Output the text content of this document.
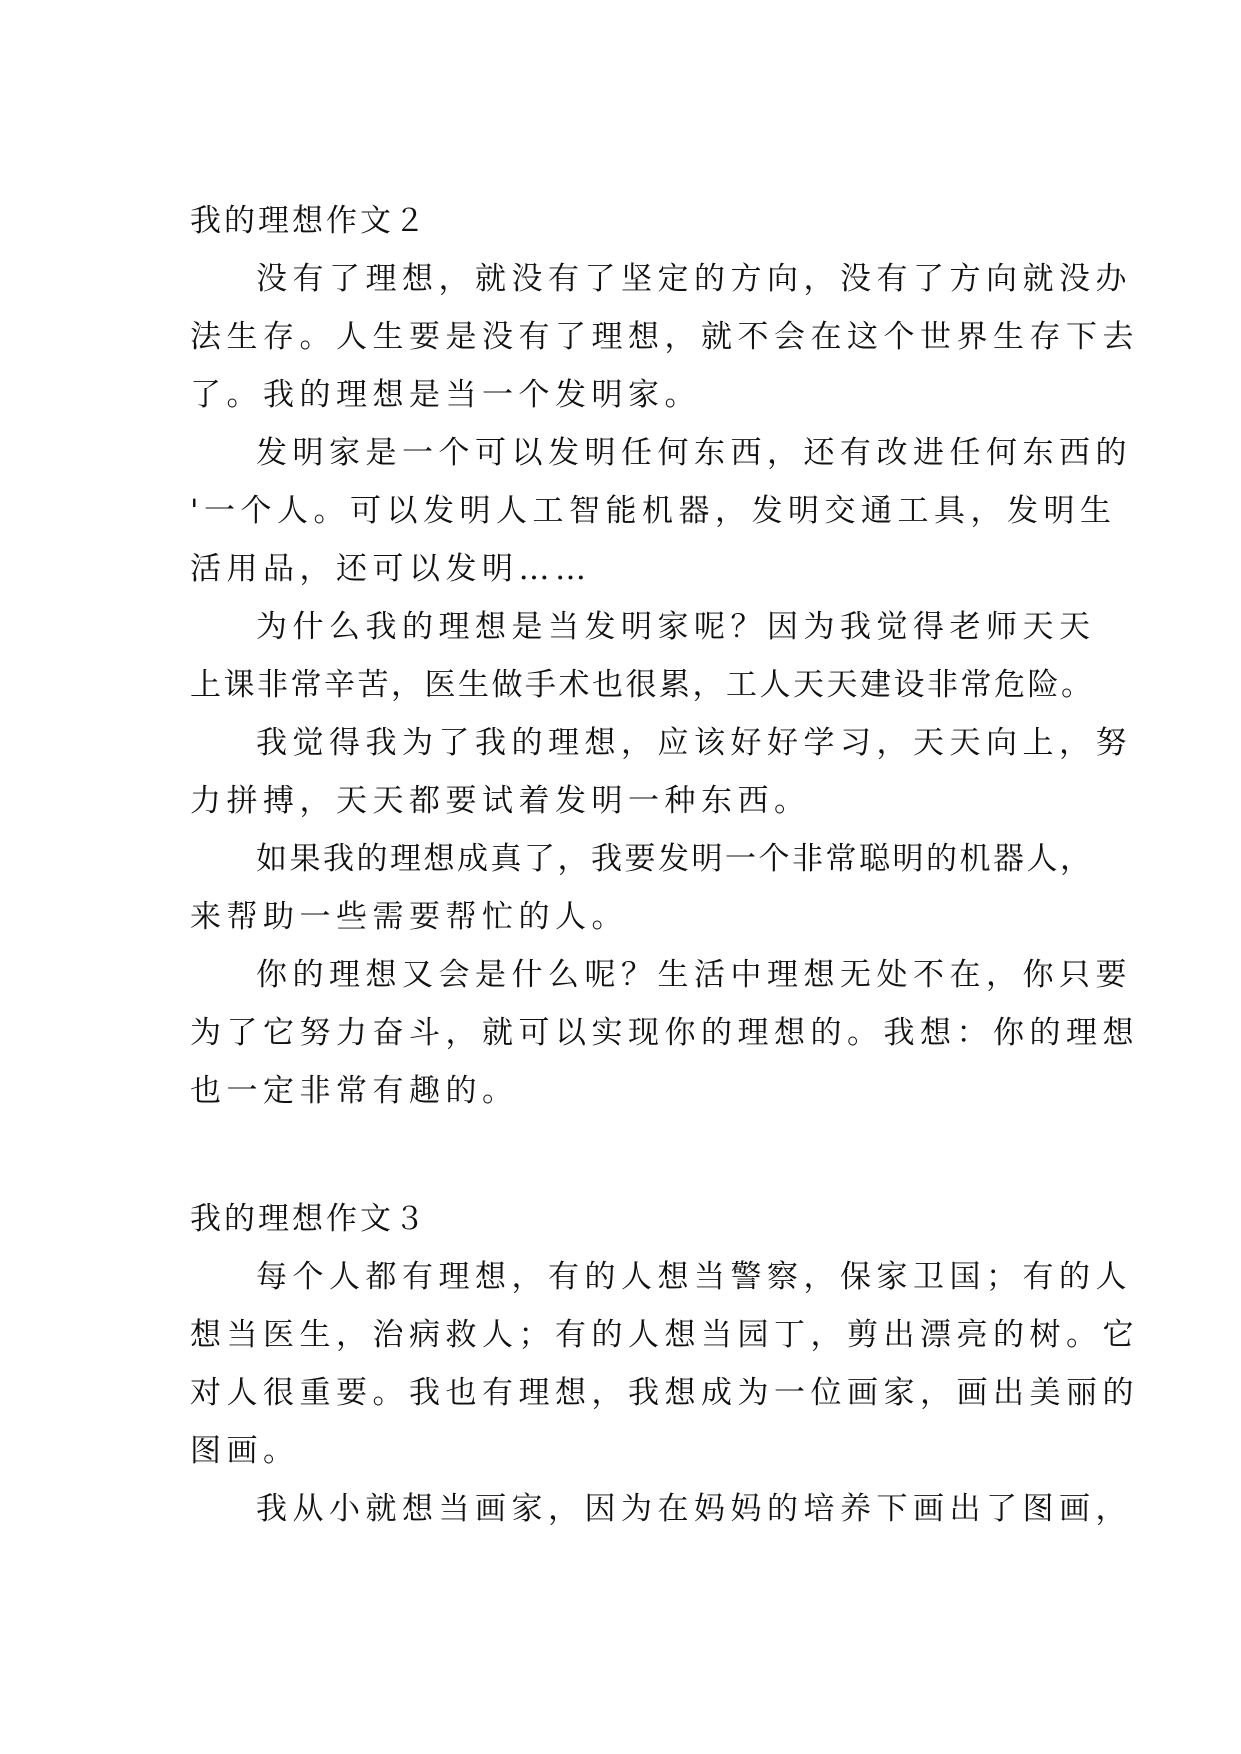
我的理想作文２
没有了理想，就没有了坚定的方向，没有了方向就没办
法生存。人生要是没有了理想，就不会在这个世界生存下去
了。我的理想是当一个发明家。
发明家是一个可以发明任何东西，还有改进任何东西的
'一个人。可以发明人工智能机器，发明交通工具，发明生
活用品，还可以发明……
为什么我的理想是当发明家呢？因为我觉得老师天天
上课非常辛苦，医生做手术也很累，工人天天建设非常危险。
我觉得我为了我的理想，应该好好学习，天天向上，努
力拼搏，天天都要试着发明一种东西。
如果我的理想成真了，我要发明一个非常聪明的机器人，
来帮助一些需要帮忙的人。
你的理想又会是什么呢？生活中理想无处不在，你只要
为了它努力奋斗，就可以实现你的理想的。我想：你的理想
也一定非常有趣的。
我的理想作文３
每个人都有理想，有的人想当警察，保家卫国；有的人
想当医生，治病救人；有的人想当园丁，剪出漂亮的树。它
对人很重要。我也有理想，我想成为一位画家，画出美丽的
图画。
我从小就想当画家，因为在妈妈的培养下画出了图画，
